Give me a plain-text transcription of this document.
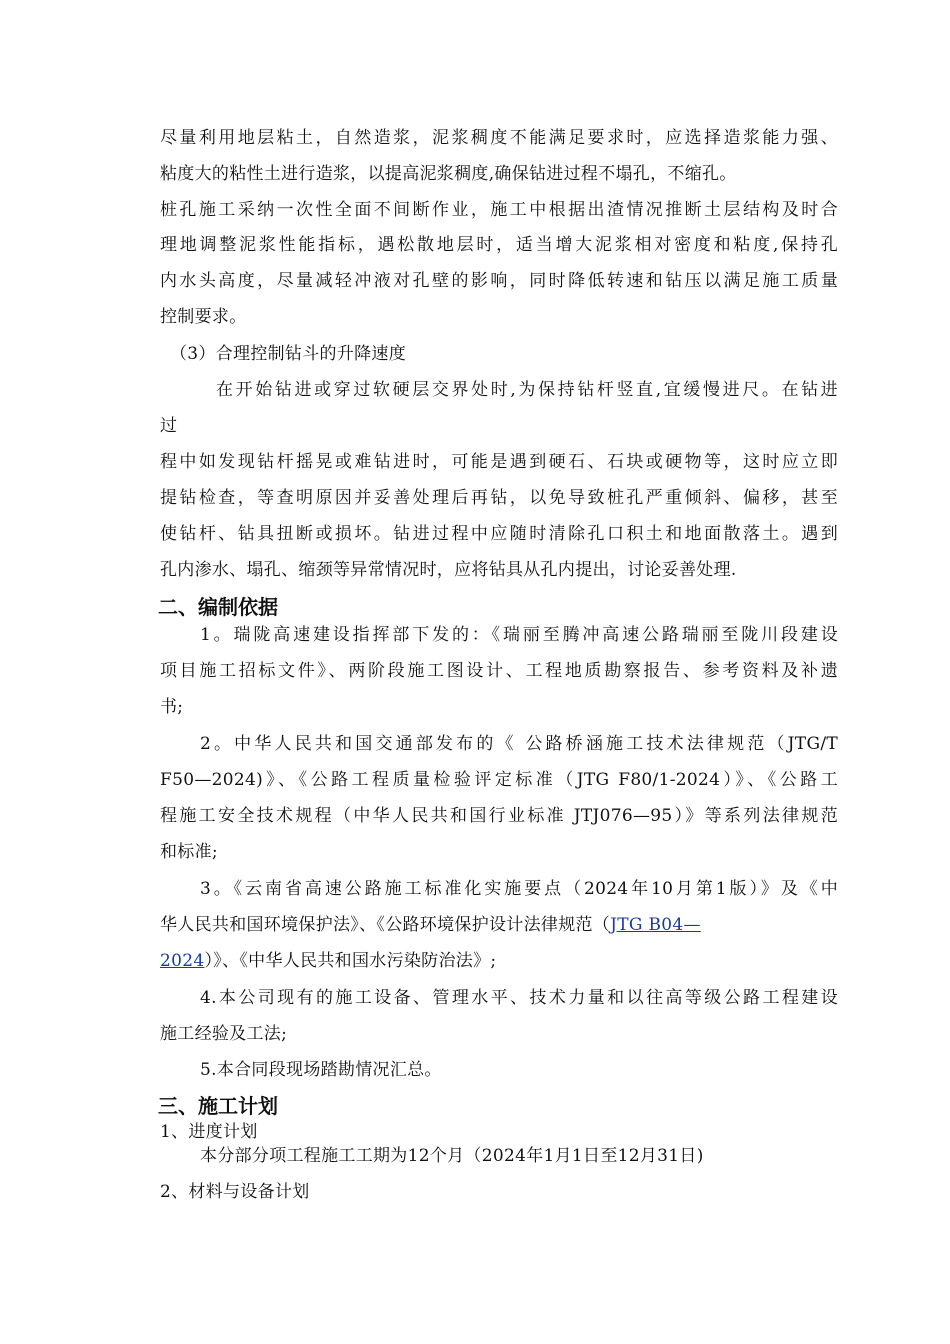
尽量利用地层粘土，自然造浆，泥浆稠度不能满足要求时，应选择造浆能力强、
粘度大的粘性土进行造浆，以提高泥浆稠度,确保钻进过程不塌孔，不缩孔。
桩孔施工采纳一次性全面不间断作业，施工中根据出渣情况推断土层结构及时合
理地调整泥浆性能指标，遇松散地层时，适当增大泥浆相对密度和粘度,保持孔
内水头高度，尽量减轻冲液对孔壁的影响，同时降低转速和钻压以满足施工质量
控制要求。
（3）合理控制钻斗的升降速度
在开始钻进或穿过软硬层交界处时,为保持钻杆竖直,宜缓慢进尺。在钻进
过
程中如发现钻杆摇晃或难钻进时，可能是遇到硬石、石块或硬物等，这时应立即
提钻检查，等查明原因并妥善处理后再钻，以免导致桩孔严重倾斜、偏移，甚至
使钻杆、钻具扭断或损坏。钻进过程中应随时清除孔口积土和地面散落土。遇到
孔内渗水、塌孔、缩颈等异常情况时，应将钻具从孔内提出，讨论妥善处理.
二、编制依据
1。瑞陇高速建设指挥部下发的：《瑞丽至腾冲高速公路瑞丽至陇川段建设
项目施工招标文件》、两阶段施工图设计、工程地质勘察报告、参考资料及补遗
书;
2。中华人民共和国交通部发布的《 公路桥涵施工技术法律规范（JTG/T
F50—2024)》、《公路工程质量检验评定标准（JTG F80/1-2024）》、《公路工
程施工安全技术规程（中华人民共和国行业标准 JTJ076—95）》等系列法律规范
和标准;
3。《云南省高速公路施工标准化实施要点（2024年10月第1版）》及《中
华人民共和国环境保护法》、《公路环境保护设计法律规范（JTG B04—
2024）》、《中华人民共和国水污染防治法》;
4.本公司现有的施工设备、管理水平、技术力量和以往高等级公路工程建设
施工经验及工法;
5.本合同段现场踏勘情况汇总。
三、施工计划
1、进度计划
本分部分项工程施工工期为12个月（2024年1月1日至12月31日)
2、材料与设备计划
